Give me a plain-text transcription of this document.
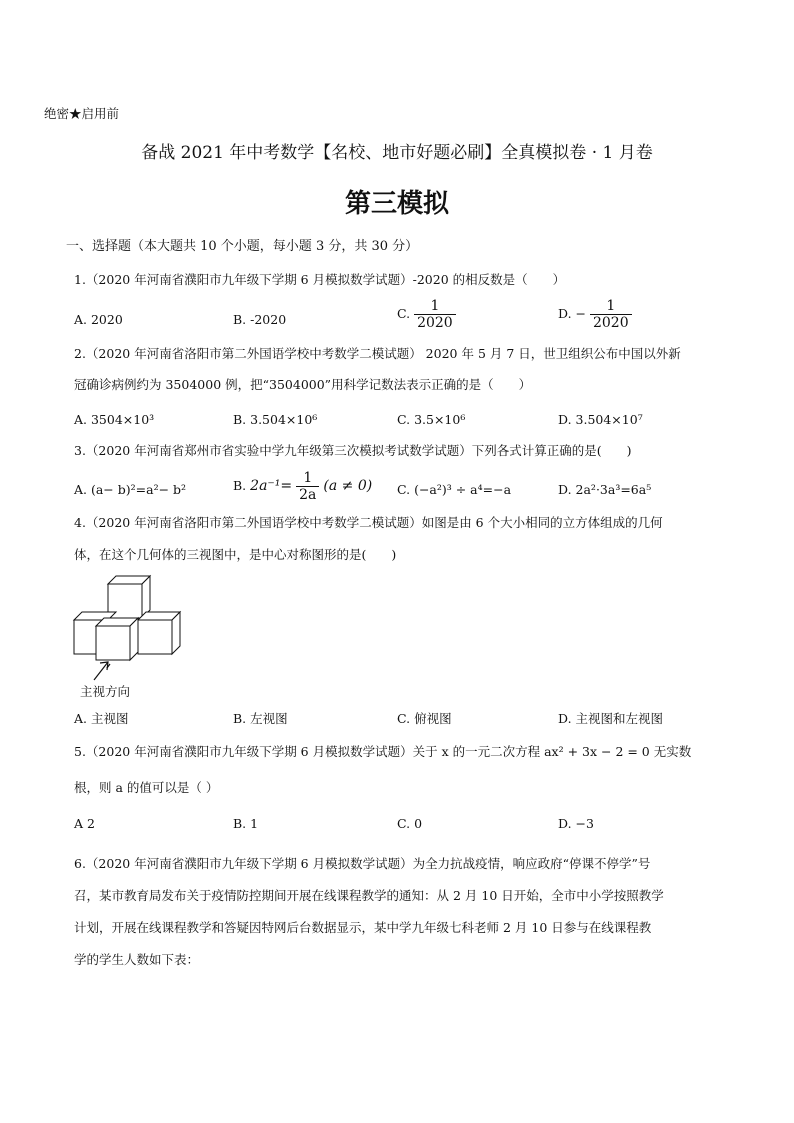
绝密★启用前
备战 2021 年中考数学【名校、地市好题必刷】全真模拟卷 · 1 月卷
第三模拟
一、选择题（本大题共 10 个小题，每小题 3 分，共 30 分）
1.（2020 年河南省濮阳市九年级下学期 6 月模拟数学试题）-2020 的相反数是（　　）
A. 2020	B. -2020	C. $\frac{1}{2020}$	D. − $\frac{1}{2020}$
2.（2020 年河南省洛阳市第二外国语学校中考数学二模试题） 2020 年 5 月 7 日，世卫组织公布中国以外新
冠确诊病例约为 3504000 例，把“3504000”用科学记数法表示正确的是（　　）
A. 3504×10³	B. 3.504×10⁶	C. 3.5×10⁶	D. 3.504×10⁷
3.（2020 年河南省郑州市省实验中学九年级第三次模拟考试数学试题）下列各式计算正确的是(　　)
A. (a− b)²=a²− b²	B. $2a^{-1}= \frac{1}{2a} (a \ne 0)$ C. (−a²)³ ÷ a⁴=−a	D. 2a²·3a³=6a⁵
4.（2020 年河南省洛阳市第二外国语学校中考数学二模试题）如图是由 6 个大小相同的立方体组成的几何
体，在这个几何体的三视图中，是中心对称图形的是(　　)
主视方向
A. 主视图	B. 左视图	C. 俯视图	D. 主视图和左视图
5.（2020 年河南省濮阳市九年级下学期 6 月模拟数学试题）关于 x 的一元二次方程 ax² + 3x − 2 = 0 无实数
根，则 a 的值可以是（ ）
A 2	B. 1	C. 0	D. −3
6.（2020 年河南省濮阳市九年级下学期 6 月模拟数学试题）为全力抗战疫情，响应政府“停课不停学”号
召，某市教育局发布关于疫情防控期间开展在线课程教学的通知：从 2 月 10 日开始，全市中小学按照教学
计划，开展在线课程教学和答疑因特网后台数据显示，某中学九年级七科老师 2 月 10 日参与在线课程教
学的学生人数如下表：
